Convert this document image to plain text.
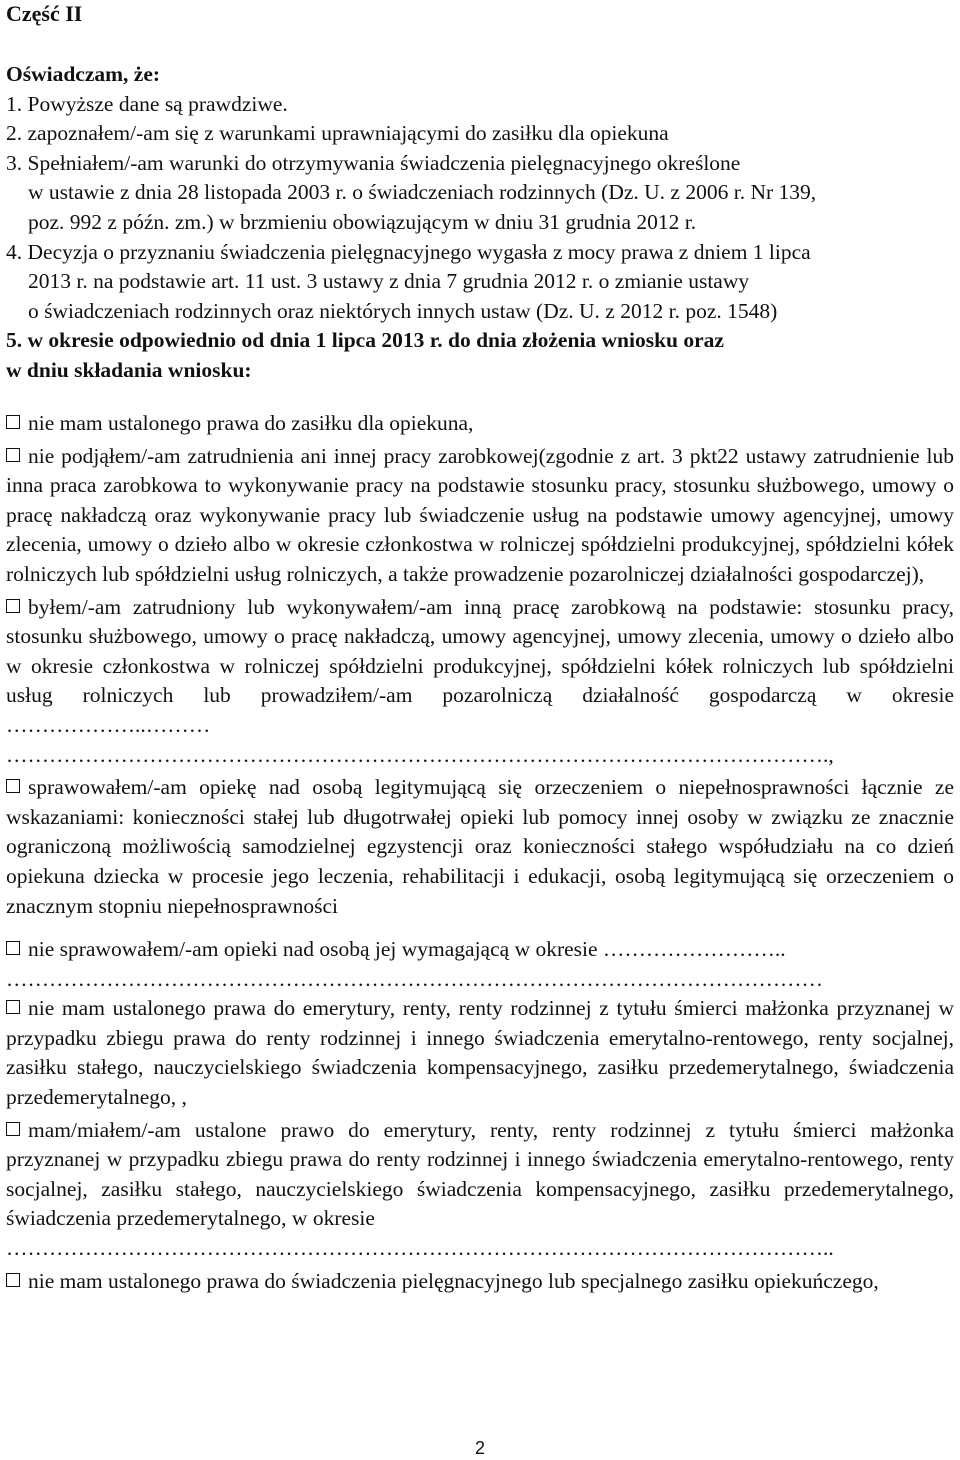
Część II
Oświadczam, że:
1. Powyższe dane są prawdziwe.
2. zapoznałem/-am się z warunkami uprawniającymi do zasiłku dla opiekuna
3. Spełniałem/-am warunki do otrzymywania świadczenia pielęgnacyjnego określone
w ustawie z dnia 28 listopada 2003 r. o świadczeniach rodzinnych (Dz. U. z 2006 r. Nr 139,
poz. 992 z późn. zm.) w brzmieniu obowiązującym w dniu 31 grudnia 2012 r.
4. Decyzja o przyznaniu świadczenia pielęgnacyjnego wygasła z mocy prawa z dniem 1 lipca
2013 r. na podstawie art. 11 ust. 3 ustawy z dnia 7 grudnia 2012 r. o zmianie ustawy
o świadczeniach rodzinnych oraz niektórych innych ustaw (Dz. U. z 2012 r. poz. 1548)
5. w okresie odpowiednio od dnia 1 lipca 2013 r. do dnia złożenia wniosku oraz
w dniu składania wniosku:
nie mam ustalonego prawa do zasiłku dla opiekuna,
nie podjąłem/-am zatrudnienia ani innej pracy zarobkowej(zgodnie z art. 3 pkt22 ustawy zatrudnienie lub inna praca zarobkowa to wykonywanie pracy na podstawie stosunku pracy, stosunku służbowego, umowy o pracę nakładczą oraz wykonywanie pracy lub świadczenie usług na podstawie umowy agencyjnej, umowy zlecenia, umowy o dzieło albo w okresie członkostwa w rolniczej spółdzielni produkcyjnej, spółdzielni kółek rolniczych lub spółdzielni usług rolniczych, a także prowadzenie pozarolniczej działalności gospodarczej),
byłem/-am zatrudniony lub wykonywałem/-am inną pracę zarobkową na podstawie: stosunku pracy, stosunku służbowego, umowy o pracę nakładczą, umowy agencyjnej, umowy zlecenia, umowy o dzieło albo w okresie członkostwa w rolniczej spółdzielni produkcyjnej, spółdzielni kółek rolniczych lub spółdzielni usług rolniczych lub prowadziłem/-am pozarolniczą działalność gospodarczą w okresie ………………..………
…………………………………………………………………………………………………….,
sprawowałem/-am opiekę nad osobą legitymującą się orzeczeniem o niepełnosprawności łącznie ze wskazaniami: konieczności stałej lub długotrwałej opieki lub pomocy innej osoby w związku ze znacznie ograniczoną możliwością samodzielnej egzystencji oraz konieczności stałego współudziału na co dzień opiekuna dziecka w procesie jego leczenia, rehabilitacji i edukacji, osobą legitymującą się orzeczeniem o znacznym stopniu niepełnosprawności
nie sprawowałem/-am opieki nad osobą jej wymagającą w okresie ……………………..
……………………………………………………………………………………………………
nie mam ustalonego prawa do emerytury, renty, renty rodzinnej z tytułu śmierci małżonka przyznanej w przypadku zbiegu prawa do renty rodzinnej i innego świadczenia emerytalno-rentowego, renty socjalnej, zasiłku stałego, nauczycielskiego świadczenia kompensacyjnego, zasiłku przedemerytalnego, świadczenia przedemerytalnego, ,
mam/miałem/-am ustalone prawo do emerytury, renty, renty rodzinnej z tytułu śmierci małżonka przyznanej w przypadku zbiegu prawa do renty rodzinnej i innego świadczenia emerytalno-rentowego, renty socjalnej, zasiłku stałego, nauczycielskiego świadczenia kompensacyjnego, zasiłku przedemerytalnego, świadczenia przedemerytalnego, w okresie
……………………………………………………………………………………………………..
nie mam ustalonego prawa do świadczenia pielęgnacyjnego lub specjalnego zasiłku opiekuńczego,
2
